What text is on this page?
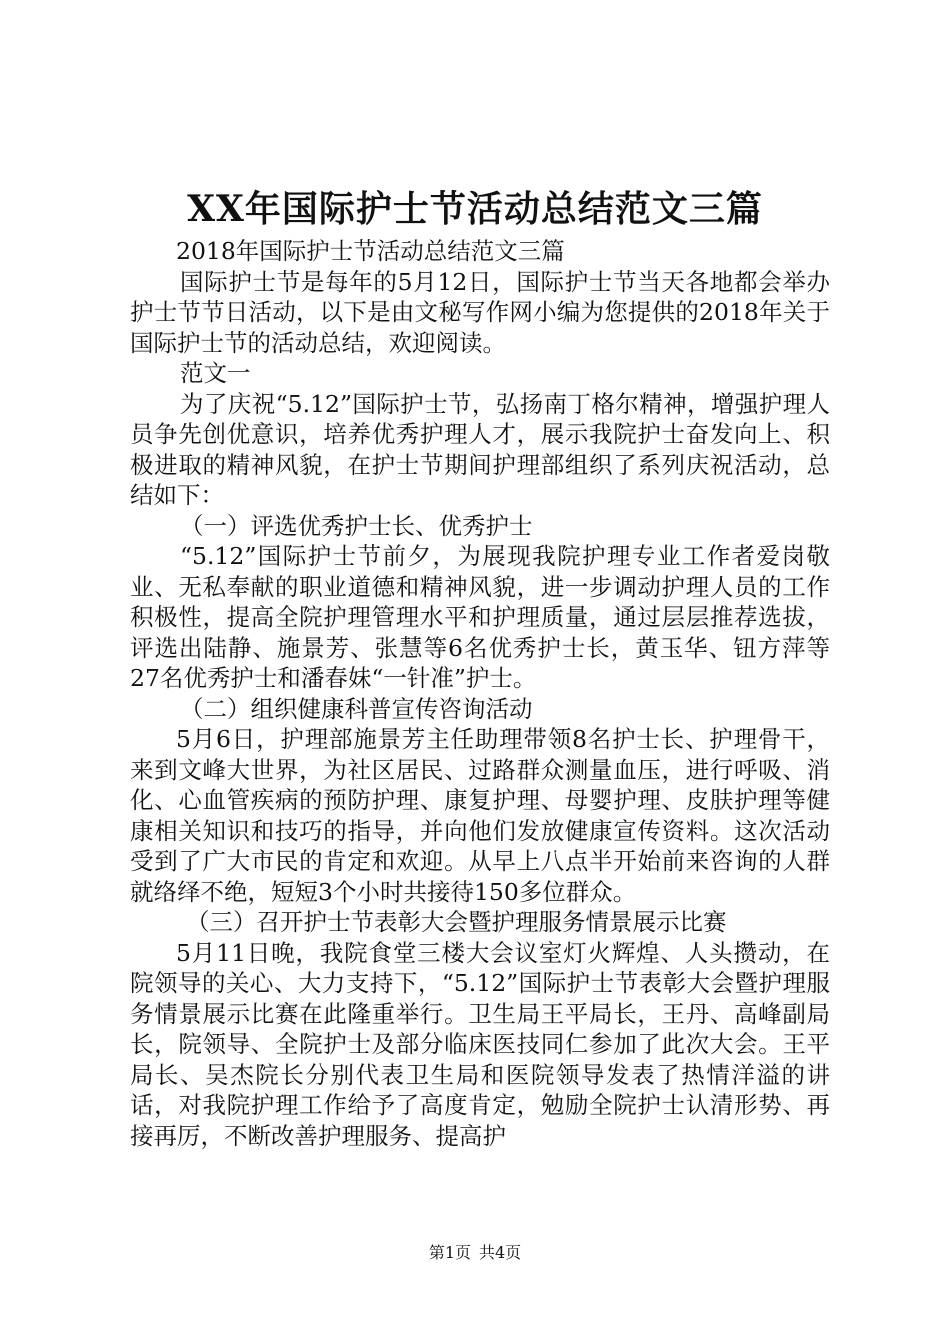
XX年国际护士节活动总结范文三篇

2018年国际护士节活动总结范文三篇

国际护士节是每年的5月12日，国际护士节当天各地都会举办护士节节日活动，以下是由文秘写作网小编为您提供的2018年关于国际护士节的活动总结，欢迎阅读。

范文一

为了庆祝“5.12”国际护士节，弘扬南丁格尔精神，增强护理人员争先创优意识，培养优秀护理人才，展示我院护士奋发向上、积极进取的精神风貌，在护士节期间护理部组织了系列庆祝活动，总结如下：

（一）评选优秀护士长、优秀护士

“5.12”国际护士节前夕，为展现我院护理专业工作者爱岗敬业、无私奉献的职业道德和精神风貌，进一步调动护理人员的工作积极性，提高全院护理管理水平和护理质量，通过层层推荐选拔，评选出陆静、施景芳、张慧等6名优秀护士长，黄玉华、钮方萍等27名优秀护士和潘春妹“一针准”护士。

（二）组织健康科普宣传咨询活动

5月6日，护理部施景芳主任助理带领8名护士长、护理骨干，来到文峰大世界，为社区居民、过路群众测量血压，进行呼吸、消化、心血管疾病的预防护理、康复护理、母婴护理、皮肤护理等健康相关知识和技巧的指导，并向他们发放健康宣传资料。这次活动受到了广大市民的肯定和欢迎。从早上八点半开始前来咨询的人群就络绎不绝，短短3个小时共接待150多位群众。

（三）召开护士节表彰大会暨护理服务情景展示比赛

5月11日晚，我院食堂三楼大会议室灯火辉煌、人头攒动，在院领导的关心、大力支持下，“5.12”国际护士节表彰大会暨护理服务情景展示比赛在此隆重举行。卫生局王平局长，王丹、高峰副局长，院领导、全院护士及部分临床医技同仁参加了此次大会。王平局长、吴杰院长分别代表卫生局和医院领导发表了热情洋溢的讲话，对我院护理工作给予了高度肯定，勉励全院护士认清形势、再接再厉，不断改善护理服务、提高护

第1页 共4页
